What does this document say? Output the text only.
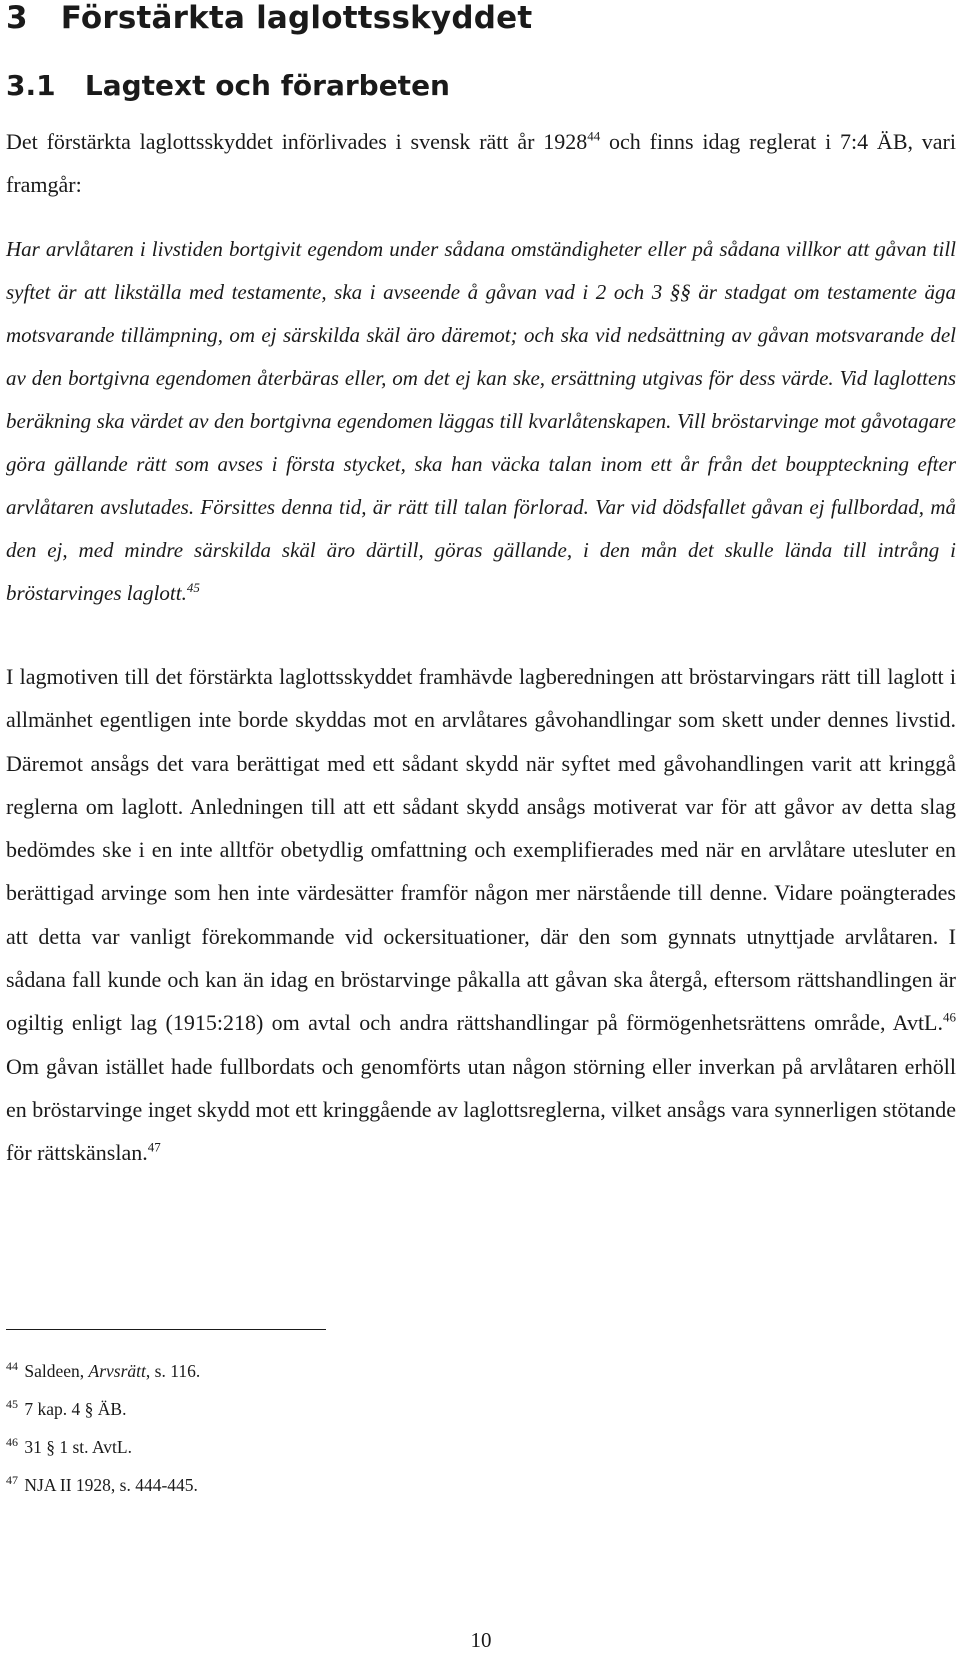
3 Förstärkta laglottsskyddet
3.1 Lagtext och förarbeten

Det förstärkta laglottsskyddet införlivades i svensk rätt år 1928$^{44}$ och finns idag reglerat i 7:4 ÄB, vari framgår:

Har arvlåtaren i livstiden bortgivit egendom under sådana omständigheter eller på sådana villkor att gåvan till syftet är att likställa med testamente, ska i avseende å gåvan vad i 2 och 3 §§ är stadgat om testamente äga motsvarande tillämpning, om ej särskilda skäl äro däremot; och ska vid nedsättning av gåvan motsvarande del av den bortgivna egendomen återbäras eller, om det ej kan ske, ersättning utgivas för dess värde. Vid laglottens beräkning ska värdet av den bortgivna egendomen läggas till kvarlåtenskapen. Vill bröstarvinge mot gåvotagare göra gällande rätt som avses i första stycket, ska han väcka talan inom ett år från det bouppteckning efter arvlåtaren avslutades. Försittes denna tid, är rätt till talan förlorad. Var vid dödsfallet gåvan ej fullbordad, må den ej, med mindre särskilda skäl äro därtill, göras gällande, i den mån det skulle lända till intrång i bröstarvinges laglott.$^{45}$

I lagmotiven till det förstärkta laglottsskyddet framhävde lagberedningen att bröstarvingars rätt till laglott i allmänhet egentligen inte borde skyddas mot en arvlåtares gåvohandlingar som skett under dennes livstid. Däremot ansågs det vara berättigat med ett sådant skydd när syftet med gåvohandlingen varit att kringgå reglerna om laglott. Anledningen till att ett sådant skydd ansågs motiverat var för att gåvor av detta slag bedömdes ske i en inte alltför obetydlig omfattning och exemplifierades med när en arvlåtare utesluter en berättigad arvinge som hen inte värdesätter framför någon mer närstående till denne. Vidare poängterades att detta var vanligt förekommande vid ockersituationer, där den som gynnats utnyttjade arvlåtaren. I sådana fall kunde och kan än idag en bröstarvinge påkalla att gåvan ska återgå, eftersom rättshandlingen är ogiltig enligt lag (1915:218) om avtal och andra rättshandlingar på förmögenhetsrättens område, AvtL.$^{46}$ Om gåvan istället hade fullbordats och genomförts utan någon störning eller inverkan på arvlåtaren erhöll en bröstarvinge inget skydd mot ett kringgående av laglottsreglerna, vilket ansågs vara synnerligen stötande för rättskänslan.$^{47}$

$^{44}$ Saldeen, Arvsrätt, s. 116.
$^{45}$ 7 kap. 4 § ÄB.
$^{46}$ 31 § 1 st. AvtL.
$^{47}$ NJA II 1928, s. 444-445.
10
